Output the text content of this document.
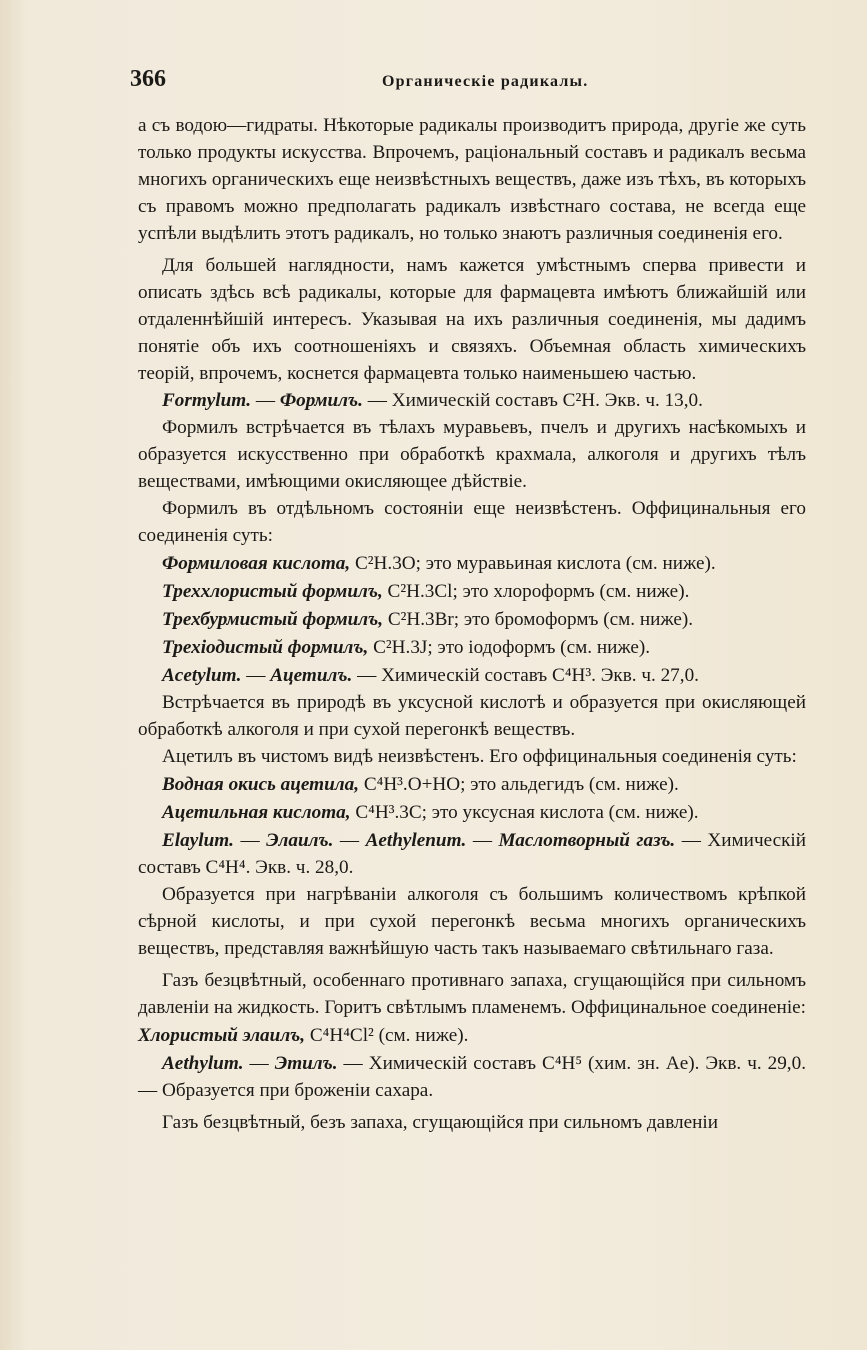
366	Органическіе радикалы.

а съ водою—гидраты. Нѣкоторые радикалы производитъ природа, другіе же суть только продукты искусства. Впрочемъ, раціональный составъ и радикалъ весьма многихъ органическихъ еще неизвѣстныхъ веществъ, даже изъ тѣхъ, въ которыхъ съ правомъ можно предполагать радикалъ извѣстнаго состава, не всегда еще успѣли выдѣлить этотъ радикалъ, но только знаютъ различныя соединенія его.

Для большей наглядности, намъ кажется умѣстнымъ сперва привести и описать здѣсь всѣ радикалы, которые для фармацевта имѣютъ ближайшій или отдаленнѣйшій интересъ. Указывая на ихъ различныя соединенія, мы дадимъ понятіе объ ихъ соотношеніяхъ и связяхъ. Объемная область химическихъ теорій, впрочемъ, коснется фармацевта только наименьшею частью.

Formylum. — Формилъ. — Химическій составъ C²H. Экв. ч. 13,0.

Формилъ встрѣчается въ тѣлахъ муравьевъ, пчелъ и другихъ насѣкомыхъ и образуется искусственно при обработкѣ крахмала, алкоголя и другихъ тѣлъ веществами, имѣющими окисляющее дѣйствіе.

Формилъ въ отдѣльномъ состояніи еще неизвѣстенъ. Оффицинальныя его соединенія суть:

Формиловая кислота, C²H.3O; это муравьиная кислота (см. ниже).

Треххлористый формилъ, C²H.3Cl; это хлороформъ (см. ниже).

Трехбурмистый формилъ, C²H.3Br; это бромоформъ (см. ниже).

Трехіодистый формилъ, C²H.3J; это іодоформъ (см. ниже).

Acetylum. — Ацетилъ. — Химическій составъ C⁴H³. Экв. ч. 27,0.

Встрѣчается въ природѣ въ уксусной кислотѣ и образуется при окисляющей обработкѣ алкоголя и при сухой перегонкѣ веществъ.

Ацетилъ въ чистомъ видѣ неизвѣстенъ. Его оффицинальныя соединенія суть:

Водная окись ацетила, C⁴H³.O+HO; это альдегидъ (см. ниже).

Ацетильная кислота, C⁴H³.3C; это уксусная кислота (см. ниже).

Elaylum. — Элаилъ. — Aethylenum. — Маслотворный газъ. — Химическій составъ C⁴H⁴. Экв. ч. 28,0.

Образуется при нагрѣваніи алкоголя съ большимъ количествомъ крѣпкой сѣрной кислоты, и при сухой перегонкѣ весьма многихъ органическихъ веществъ, представляя важнѣйшую часть такъ называемаго свѣтильнаго газа.

Газъ безцвѣтный, особеннаго противнаго запаха, сгущающійся при сильномъ давленіи на жидкость. Горитъ свѣтлымъ пламенемъ. Оффицинальное соединеніе:

Хлористый элаилъ, C⁴H⁴Cl² (см. ниже).

Aethylum. — Этилъ. — Химическій составъ C⁴H⁵ (хим. зн. Ae). Экв. ч. 29,0. — Образуется при броженіи сахара.

Газъ безцвѣтный, безъ запаха, сгущающійся при сильномъ давленіи
